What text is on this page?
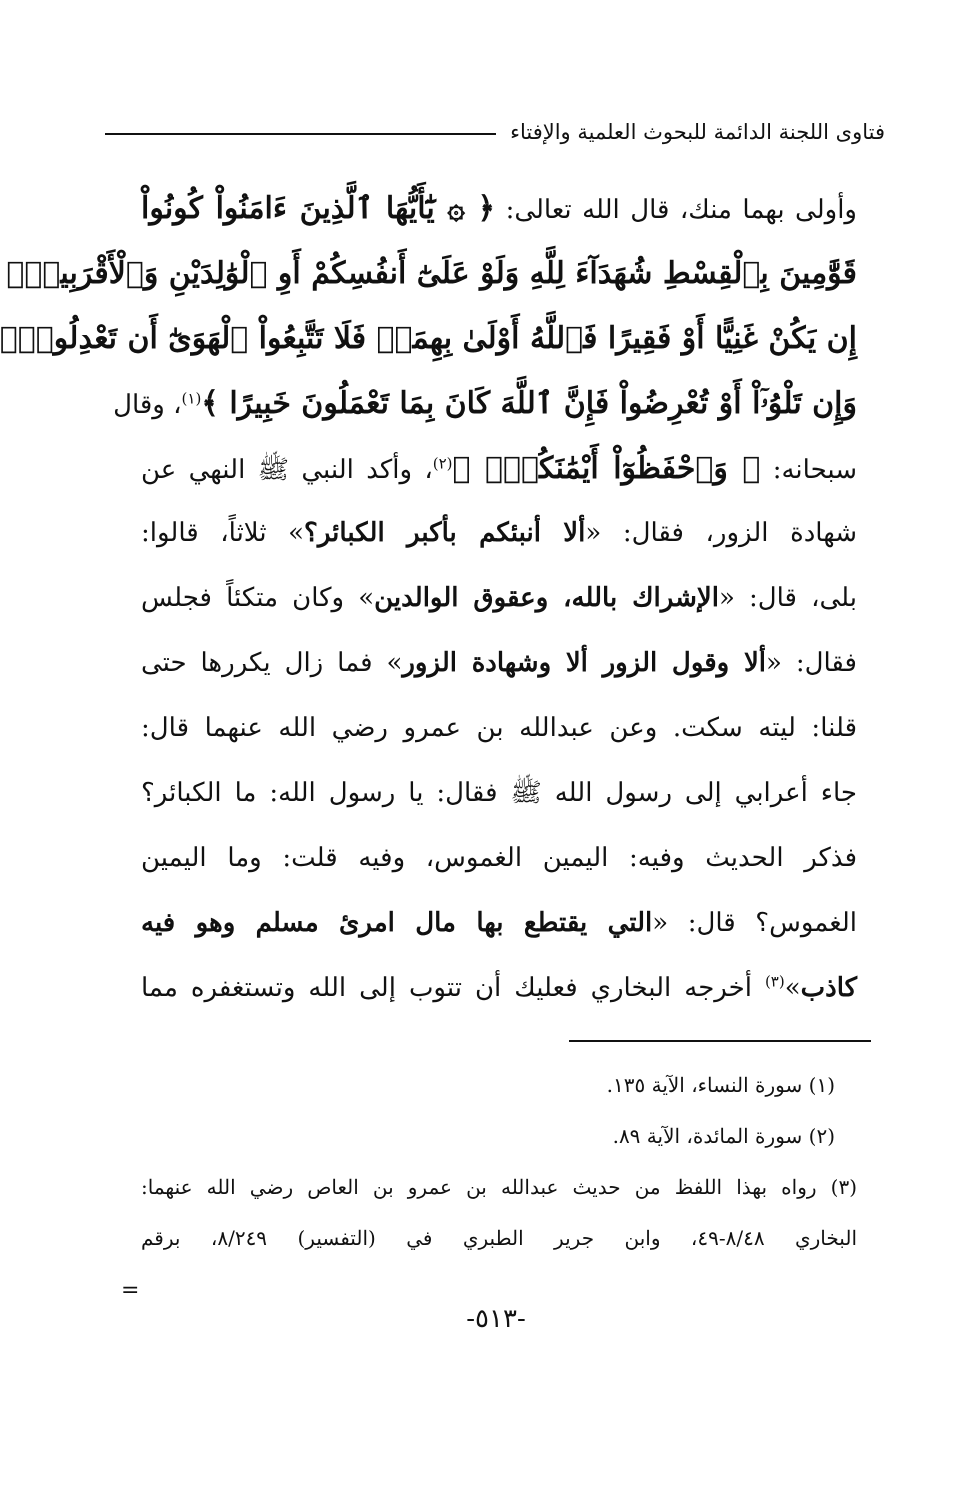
فتاوى اللجنة الدائمة للبحوث العلمية والإفتاء
وأولى بهما منك، قال الله تعالى: ﴿ ۞ يَٰٓأَيُّهَا ٱلَّذِينَ ءَامَنُواْ كُونُواْ
قَوَّٰمِينَ بِٱلْقِسْطِ شُهَدَآءَ لِلَّهِ وَلَوْ عَلَىٰٓ أَنفُسِكُمْ أَوِ ٱلْوَٰلِدَيْنِ وَٱلْأَقْرَبِينَۚ
إِن يَكُنْ غَنِيًّا أَوْ فَقِيرًا فَٱللَّهُ أَوْلَىٰ بِهِمَاۖ فَلَا تَتَّبِعُواْ ٱلْهَوَىٰٓ أَن تَعْدِلُواْۚ
وَإِن تَلْوُۥٓاْ أَوْ تُعْرِضُواْ فَإِنَّ ٱللَّهَ كَانَ بِمَا تَعْمَلُونَ خَبِيرًا ﴾$^{(١)}$، وقال
سبحانه: ﴿ وَٱحْفَظُوٓاْ أَيْمَٰنَكُمْۚ ﴾$^{(٢)}$، وأكد النبي ﷺ النهي عن
شهادة الزور، فقال: «ألا أنبئكم بأكبر الكبائر؟» ثلاثاً، قالوا:
بلى، قال: «الإشراك بالله، وعقوق الوالدين» وكان متكئاً فجلس
فقال: «ألا وقول الزور ألا وشهادة الزور» فما زال يكررها حتى
قلنا: ليته سكت. وعن عبدالله بن عمرو رضي الله عنهما قال:
جاء أعرابي إلى رسول الله ﷺ فقال: يا رسول الله: ما الكبائر؟
فذكر الحديث وفيه: اليمين الغموس، وفيه قلت: وما اليمين
الغموس؟ قال: «التي يقتطع بها مال امرئ مسلم وهو فيه
كاذب»$^{(٣)}$ أخرجه البخاري فعليك أن تتوب إلى الله وتستغفره مما
(١) سورة النساء، الآية ١٣٥.
(٢) سورة المائدة، الآية ٨٩.
(٣) رواه بهذا اللفظ من حديث عبدالله بن عمرو بن العاص رضي الله عنهما:
البخاري ٨/٤٨-٤٩، وابن جرير الطبري في (التفسير) ٨/٢٤٩، برقم
=
-٥١٣-
